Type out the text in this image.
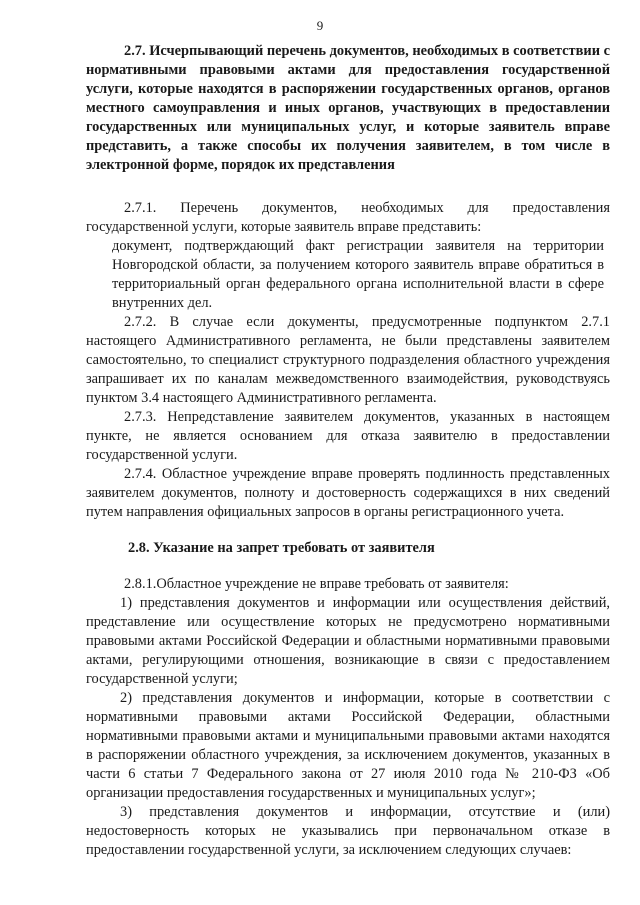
9

2.7. Исчерпывающий перечень документов, необходимых в соответствии с нормативными правовыми актами для предоставления государственной услуги, которые находятся в распоряжении государственных органов, органов местного самоуправления и иных органов, участвующих в предоставлении государственных или муниципальных услуг, и которые заявитель вправе представить, а также способы их получения заявителем, в том числе в электронной форме, порядок их представления

2.7.1. Перечень документов, необходимых для предоставления государственной услуги, которые заявитель вправе представить:

документ, подтверждающий факт регистрации заявителя на территории Новгородской области, за получением которого заявитель вправе обратиться в территориальный орган федерального органа исполнительной власти в сфере внутренних дел.

2.7.2. В случае если документы, предусмотренные подпунктом 2.7.1 настоящего Административного регламента, не были представлены заявителем самостоятельно, то специалист структурного подразделения областного учреждения запрашивает их по каналам межведомственного взаимодействия, руководствуясь пунктом 3.4 настоящего Административного регламента.

2.7.3. Непредставление заявителем документов, указанных в настоящем пункте, не является основанием для отказа заявителю в предоставлении государственной услуги.

2.7.4. Областное учреждение вправе проверять подлинность представленных заявителем документов, полноту и достоверность содержащихся в них сведений путем направления официальных запросов в органы регистрационного учета.

2.8. Указание на запрет требовать от заявителя

2.8.1.Областное учреждение не вправе требовать от заявителя:

1) представления документов и информации или осуществления действий, представление или осуществление которых не предусмотрено нормативными правовыми актами Российской Федерации и областными нормативными правовыми актами, регулирующими отношения, возникающие в связи с предоставлением государственной услуги;

2) представления документов и информации, которые в соответствии с нормативными правовыми актами Российской Федерации, областными нормативными правовыми актами и муниципальными правовыми актами находятся в распоряжении областного учреждения, за исключением документов, указанных в части 6 статьи 7 Федерального закона от 27 июля 2010 года № 210-ФЗ «Об организации предоставления государственных и муниципальных услуг»;

3) представления документов и информации, отсутствие и (или) недостоверность которых не указывались при первоначальном отказе в предоставлении государственной услуги, за исключением следующих случаев:
